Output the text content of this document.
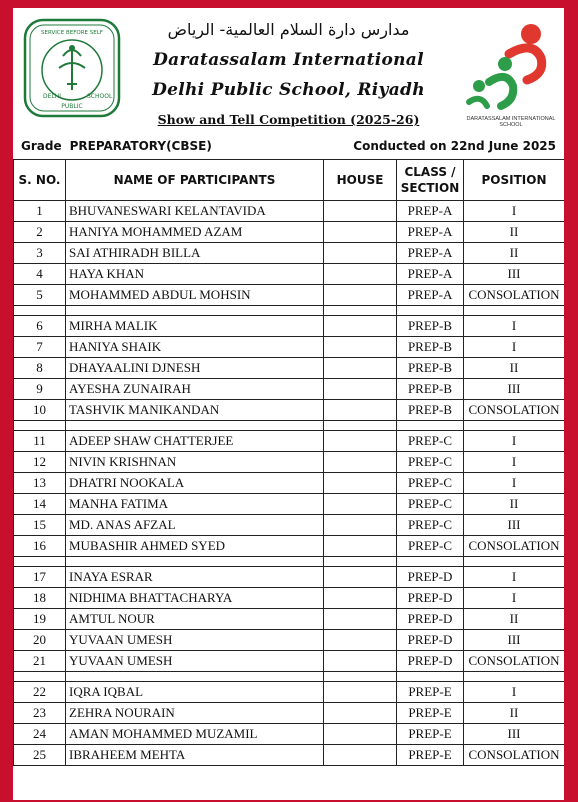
SERVICE BEFORE SELF
DELHI
PUBLIC
SCHOOL
DARATASSALAM INTERNATIONAL SCHOOL
مدارس دارة السلام العالمية- الرياض
Daratassalam International
Delhi Public School, Riyadh
Show and Tell Competition (2025-26)
Grade PREPARATORY(CBSE)	Conducted on 22nd June 2025
S. NO.	NAME OF PARTICIPANTS	HOUSE	CLASS /
SECTION	POSITION
1	BHUVANESWARI KELANTAVIDA		PREP-A	I
2	HANIYA MOHAMMED AZAM		PREP-A	II
3	SAI ATHIRADH BILLA		PREP-A	II
4	HAYA KHAN		PREP-A	III
5	MOHAMMED ABDUL MOHSIN		PREP-A	CONSOLATION

6	MIRHA MALIK		PREP-B	I
7	HANIYA SHAIK		PREP-B	I
8	DHAYAALINI DJNESH		PREP-B	II
9	AYESHA ZUNAIRAH		PREP-B	III
10	TASHVIK MANIKANDAN		PREP-B	CONSOLATION

11	ADEEP SHAW CHATTERJEE		PREP-C	I
12	NIVIN KRISHNAN		PREP-C	I
13	DHATRI NOOKALA		PREP-C	I
14	MANHA FATIMA		PREP-C	II
15	MD. ANAS AFZAL		PREP-C	III
16	MUBASHIR AHMED SYED		PREP-C	CONSOLATION

17	INAYA ESRAR		PREP-D	I
18	NIDHIMA BHATTACHARYA		PREP-D	I
19	AMTUL NOUR		PREP-D	II
20	YUVAAN UMESH		PREP-D	III
21	YUVAAN UMESH		PREP-D	CONSOLATION

22	IQRA IQBAL		PREP-E	I
23	ZEHRA NOURAIN		PREP-E	II
24	AMAN MOHAMMED MUZAMIL		PREP-E	III
25	IBRAHEEM MEHTA		PREP-E	CONSOLATION
